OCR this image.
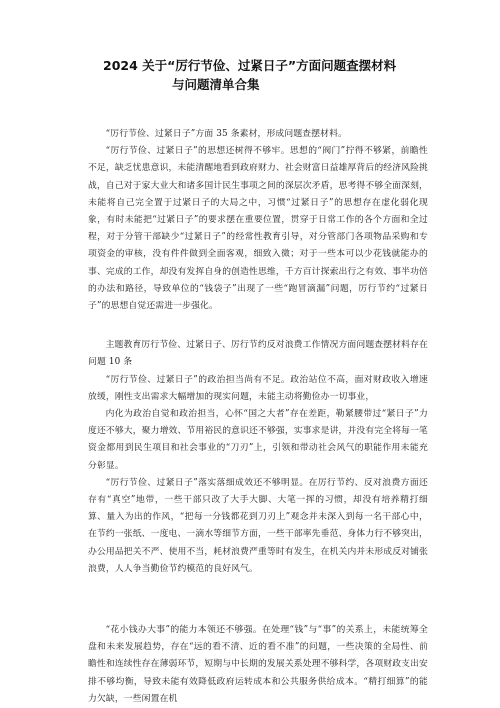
2024 关于“厉行节俭、过紧日子”方面问题查摆材料
与问题清单合集

“厉行节俭、过紧日子”方面 35 条素材，形成问题查摆材料。

“厉行节俭、过紧日子”的思想还树得不够牢。思想的“阀门”拧得不够紧，前瞻性不足，缺乏忧患意识，未能清醒地看到政府财力、社会财富日益雄厚背后的经济风险挑战，自己对于家大业大和诸多国计民生事项之间的深层次矛盾，思考得不够全面深刻，未能将自己完全置于过紧日子的大局之中，习惯“过紧日子”的思想存在虚化弱化现象，有时未能把“过紧日子”的要求摆在重要位置，贯穿于日常工作的各个方面和全过程，对于分管干部缺少“过紧日子”的经常性教育引导，对分管部门各项物品采购和专项资金的审核，没有件件做到全面客观，细致入微；对于一些本可以少花钱就能办的事、完成的工作，却没有发挥自身的创造性思维，千方百计探索出行之有效、事半功倍的办法和路径，导致单位的“钱袋子”出现了一些“跑冒滴漏”问题，厉行节约“过紧日子”的思想自觉还需进一步强化。

主题教育厉行节俭、过紧日子、厉行节约反对浪费工作情况方面问题查摆材料存在问题 10 条

“厉行节俭、过紧日子”的政治担当尚有不足。政治站位不高，面对财政收入增速放缓，刚性支出需求大幅增加的现实问题，未能主动将勤俭办一切事业，

内化为政治自觉和政治担当，心怀“国之大者”存在差距，勒紧腰带过“紧日子”力度还不够大，聚力增效、节用裕民的意识还不够强，实事求是讲，并没有完全将每一笔资金都用到民生项目和社会事业的“刀刃”上，引领和带动社会风气的职能作用未能充分彰显。

“厉行节俭、过紧日子”落实落细成效还不够明显。在厉行节约、反对浪费方面还存有“真空”地带，一些干部只改了大手大脚、大笔一挥的习惯，却没有培养精打细算、量入为出的作风，“把每一分钱都花到刀刃上”观念并未深入到每一名干部心中，在节约一张纸、一度电、一滴水等细节方面，一些干部率先垂范、身体力行不够突出，办公用品把关不严、使用不当，耗材浪费严重等时有发生，在机关内并未形成反对铺张浪费，人人争当勤俭节约模范的良好风气。

“花小钱办大事”的能力本领还不够强。在处理“钱”与“事”的关系上，未能统筹全盘和未来发展趋势，存在“远的看不清、近的看不准”的问题，一些决策的全局性、前瞻性和连续性存在薄弱环节，短期与中长期的发展关系处理不够科学，各项财政支出安排不够均衡，导致未能有效降低政府运转成本和公共服务供给成本。“精打细算”的能力欠缺，一些闲置在机
